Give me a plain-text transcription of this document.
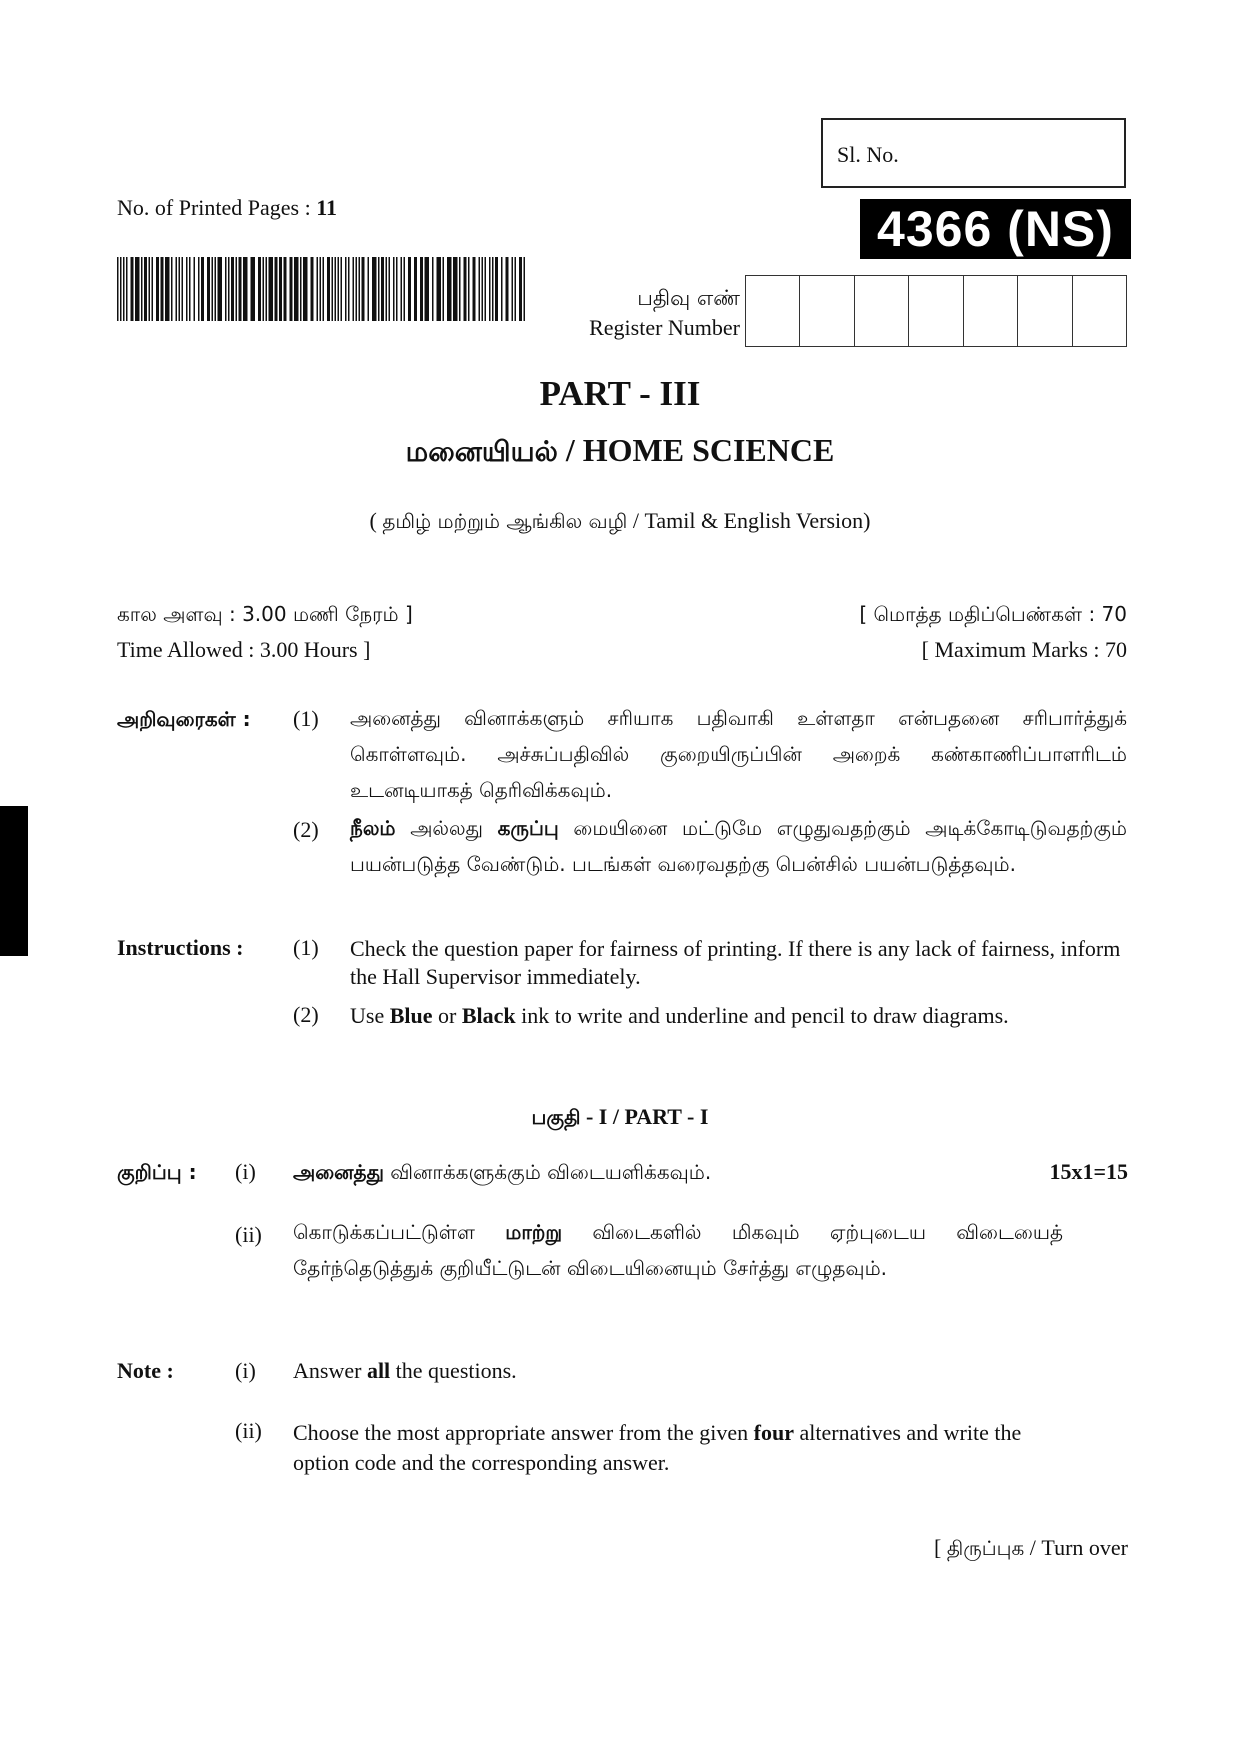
Sl. No.
No. of Printed Pages : 11	4366 (NS)
பதிவு எண்
Register Number
PART - III
மனையியல் / HOME SCIENCE
( தமிழ் மற்றும் ஆங்கில வழி / Tamil & English Version)
கால அளவு : 3.00 மணி நேரம் ]	[ மொத்த மதிப்பெண்கள் : 70
Time Allowed : 3.00 Hours ]	[ Maximum Marks : 70
அறிவுரைகள் : (1) அனைத்து வினாக்களும் சரியாக பதிவாகி உள்ளதா என்பதனை சரிபார்த்துக் கொள்ளவும். அச்சுப்பதிவில் குறையிருப்பின் அறைக் கண்காணிப்பாளரிடம் உடனடியாகத் தெரிவிக்கவும்.
(2) நீலம் அல்லது கருப்பு மையினை மட்டுமே எழுதுவதற்கும் அடிக்கோடிடுவதற்கும் பயன்படுத்த வேண்டும். படங்கள் வரைவதற்கு பென்சில் பயன்படுத்தவும்.
Instructions : (1) Check the question paper for fairness of printing. If there is any lack of fairness, inform the Hall Supervisor immediately.
(2) Use Blue or Black ink to write and underline and pencil to draw diagrams.
பகுதி - I / PART - I
குறிப்பு : (i) அனைத்து வினாக்களுக்கும் விடையளிக்கவும்.	15x1=15
(ii) கொடுக்கப்பட்டுள்ள மாற்று விடைகளில் மிகவும் ஏற்புடைய விடையைத் தேர்ந்தெடுத்துக் குறியீட்டுடன் விடையினையும் சேர்த்து எழுதவும்.
Note :	(i) Answer all the questions.
(ii) Choose the most appropriate answer from the given four alternatives and write the option code and the corresponding answer.
[ திருப்புக / Turn over
